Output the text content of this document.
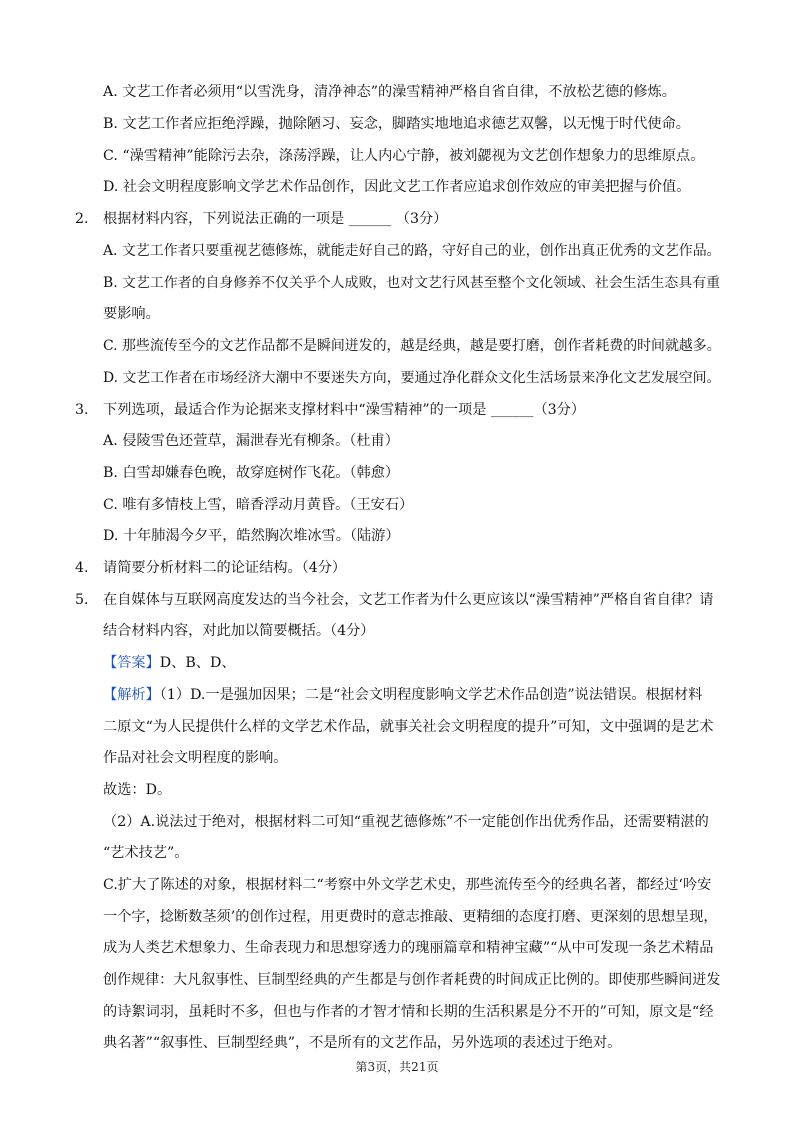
A. 文艺工作者必须用“以雪洗身，清净神态”的澡雪精神严格自省自律，不放松艺德的修炼。
B. 文艺工作者应拒绝浮躁，抛除陋习、妄念，脚踏实地地追求德艺双馨，以无愧于时代使命。
C. “澡雪精神”能除污去杂，涤荡浮躁，让人内心宁静，被刘勰视为文艺创作想象力的思维原点。
D. 社会文明程度影响文学艺术作品创作，因此文艺工作者应追求创作效应的审美把握与价值。
2. 根据材料内容，下列说法正确的一项是 ______ （3分）
A. 文艺工作者只要重视艺德修炼，就能走好自己的路，守好自己的业，创作出真正优秀的文艺作品。
B. 文艺工作者的自身修养不仅关乎个人成败，也对文艺行风甚至整个文化领域、社会生活生态具有重
要影响。
C. 那些流传至今的文艺作品都不是瞬间迸发的，越是经典，越是要打磨，创作者耗费的时间就越多。
D. 文艺工作者在市场经济大潮中不要迷失方向，要通过净化群众文化生活场景来净化文艺发展空间。
3. 下列选项，最适合作为论据来支撑材料中“澡雪精神”的一项是 ______（3分）
A. 侵陵雪色还萱草，漏泄春光有柳条。（杜甫）
B. 白雪却嫌春色晚，故穿庭树作飞花。（韩愈）
C. 唯有多情枝上雪，暗香浮动月黄昏。（王安石）
D. 十年肺渴今夕平，皓然胸次堆冰雪。（陆游）
4. 请简要分析材料二的论证结构。（4分）
5. 在自媒体与互联网高度发达的当今社会，文艺工作者为什么更应该以“澡雪精神”严格自省自律？请
结合材料内容，对此加以简要概括。（4分）
【答案】D、B、D、
【解析】（1）D.一是强加因果；二是“社会文明程度影响文学艺术作品创造”说法错误。根据材料
二原文“为人民提供什么样的文学艺术作品，就事关社会文明程度的提升”可知，文中强调的是艺术
作品对社会文明程度的影响。
故选：D。
（2）A.说法过于绝对，根据材料二可知“重视艺德修炼”不一定能创作出优秀作品，还需要精湛的
“艺术技艺”。
C.扩大了陈述的对象，根据材料二“考察中外文学艺术史，那些流传至今的经典名著，都经过‘吟安
一个字，捻断数茎须’的创作过程，用更费时的意志推敲、更精细的态度打磨、更深刻的思想呈现，
成为人类艺术想象力、生命表现力和思想穿透力的瑰丽篇章和精神宝藏”“从中可发现一条艺术精品
创作规律：大凡叙事性、巨制型经典的产生都是与创作者耗费的时间成正比例的。即使那些瞬间迸发
的诗絮词羽，虽耗时不多，但也与作者的才智才情和长期的生活积累是分不开的”可知，原文是“经
典名著”“叙事性、巨制型经典”，不是所有的文艺作品，另外选项的表述过于绝对。
第3页，共21页
